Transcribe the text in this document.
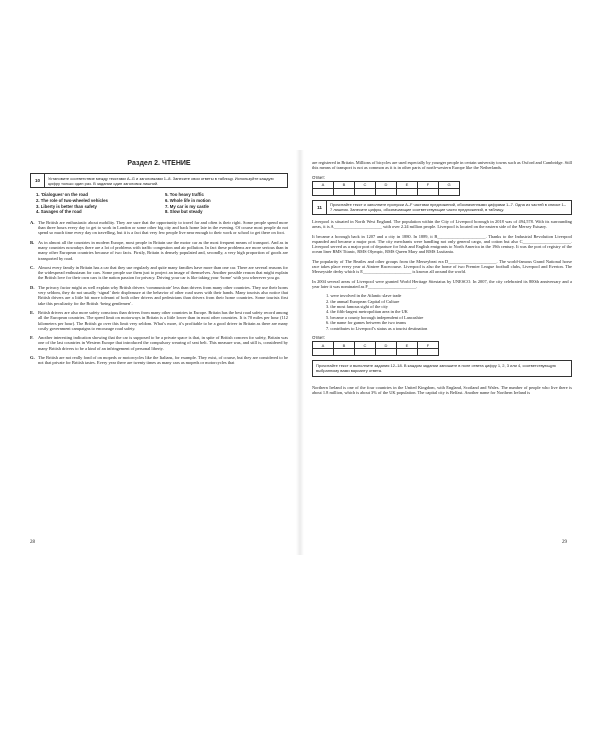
Раздел 2. ЧТЕНИЕ
10
Установите соответствие между текстами A–G и заголовками 1–8. Занесите свои ответы в таблицу. Используйте каждую цифру только один раз. В задании один заголовок лишний.
1. ‘Dialogues’ on the road	5. Too heavy traffic
2. The role of two-wheeled vehicles	6. Whole life in motion
3. Liberty is better than safety	7. My car is my castle
4. Savages of the road	8. Slow but steady
A. The British are enthusiastic about mobility. They are sure that the opportunity to travel far and often is their right. Some people spend more than three hours every day to get to work in London or some other big city and back home late in the evening. Of course most people do not spend so much time every day on travelling, but it is a fact that very few people live near enough to their work or school to get there on foot.
B. As in almost all the countries in modern Europe, most people in Britain use the motor car as the most frequent means of transport. And as in many countries nowadays there are a lot of problems with traffic congestion and air pollution. In fact these problems are more serious than in many other European countries because of two facts. Firstly, Britain is densely populated and, secondly, a very high proportion of goods are transported by road.
C. Almost every family in Britain has a car that they use regularly and quite many families have more than one car. There are several reasons for the widespread enthusiasm for cars. Some people use them just to project an image of themselves. Another possible reason that might explain the British love for their own cars is the nation passion for privacy. Driving your car is like taking your ‘home’ with you wherever you go.
D. The privacy factor might as well explain why British drivers ‘communicate’ less than drivers from many other countries. They use their horns very seldom, they do not usually ‘signal’ their displeasure at the behavior of other road users with their hands. Many tourists also notice that British drivers are a little bit more tolerant of both other drivers and pedestrians than drivers from their home countries. Some tourists first take this peculiarity for the British ‘being gentlemen’.
E. British drivers are also more safety conscious than drivers from many other countries in Europe. Britain has the best road safety record among all the European countries. The speed limit on motorways in Britain is a little lower than in most other countries. It is 70 miles per hour (112 kilometers per hour). The British go over this limit very seldom. What’s more, it’s profitable to be a good driver in Britain as there are many costly government campaigns to encourage road safety.
F.	Another interesting indication showing that the car is supposed to be a private space is that, in spite of British concern for safety, Britain was one of the last countries in Western Europe that introduced the compulsory wearing of seat belt. This measure was, and still is, considered by many British drivers to be a kind of an infringement of personal liberty.
G. The British are not really fond of on mopeds or motorcycles like the Italians, for example. They exist, of course, but they are considered to be not that private for British tastes. Every year there are twenty times as many cars as mopeds or motorcycles that
28

are registered in Britain. Millions of bicycles are used especially by younger people in certain university towns such as Oxford and Cambridge. Still this means of transport is not as common as it is in other parts of north-western Europe like the Netherlands.

Ответ:
A	B	C	D	E	F	G

11
Прочитайте текст и заполните пропуски A–F частями предложений, обозначенными цифрами 1–7. Одна из частей в списке 1–7 лишняя. Занесите цифры, обозначающие соответствующие части предложений, в таблицу.

Liverpool is situated in North West England. The population within the City of Liverpool borough in 2018 was of 494,578. With its surrounding areas, it is A______________________ with over 2.24 million people. Liverpool is located on the eastern side of the Mersey Estuary.

It became a borough back in 1207 and a city in 1880. In 1889, it B______________________. Thanks to the Industrial Revolution Liverpool expanded and became a major port. The city merchants were handling not only general cargo, and cotton but also C______________________. Liverpool served as a major port of departure for Irish and English emigrants to North America in the 19th century. It was the port of registry of the ocean liner RMS Titanic, RMS Olympic, RMS Queen Mary and RMS Lusitania.

The popularity of The Beatles and other groups from the Merseybeat era D______________________. The world-famous Grand National horse race takes place every year at Aintree Racecourse. Liverpool is also the home of two Premier League football clubs, Liverpool and Everton. The Merseyside derby which is E______________________ is known all around the world.

In 2004 several areas of Liverpool were granted World Heritage Sitestatus by UNESCO. In 2007, the city celebrated its 800th anniversary and a year later it was nominated as F______________________.

1. were involved in the Atlantic slave trade
2. the annual European Capital of Culture
3. the most famous sight of the city
4. the fifth-largest metropolitan area in the UK
5. became a county borough independent of Lancashire
6. the name for games between the two teams
7. contributes to Liverpool’s status as a tourist destination
Ответ:
A	B	C	D	E	F

Прочитайте текст и выполните задания 12–18. В каждом задании запишите в поле ответа цифру 1, 2, 3 или 4, соответствующую выбранному вами варианту ответа.

Northern Ireland is one of the four countries in the United Kingdom, with England, Scotland and Wales. The number of people who live there is about 1.8 million, which is about 3% of the UK population. The capital city is Belfast. Another name for Northern Ireland is

29
